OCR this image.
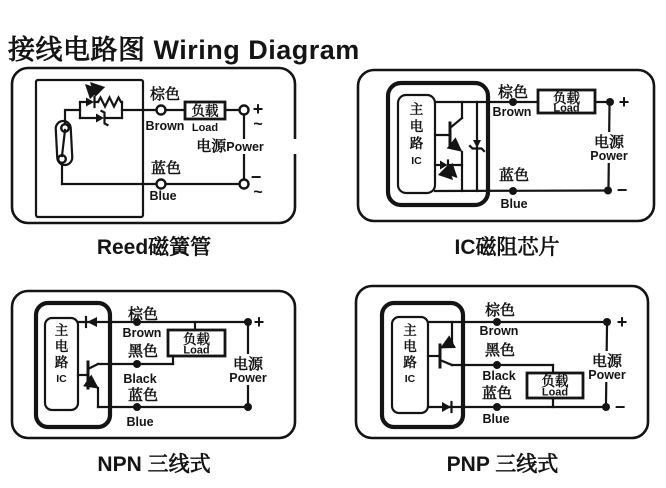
接线电路图 Wiring Diagram
棕色
Brown
蓝色
Blue
负载
Load
+
~
−
~
电源Power
Reed磁簧管
主
电
路
IC
棕色
Brown
蓝色
Blue
负载
Load +
−
电源
Power
IC磁阻芯片
主
电
路
IC
棕色
Brown
黑色
Black
蓝色
Blue
负载
Load
+
电源
Power
NPN 三线式
主
电
路
IC
棕色
Brown
黑色
Black
蓝色
Blue
负载
Load
+
−
电源
Power
PNP 三线式
